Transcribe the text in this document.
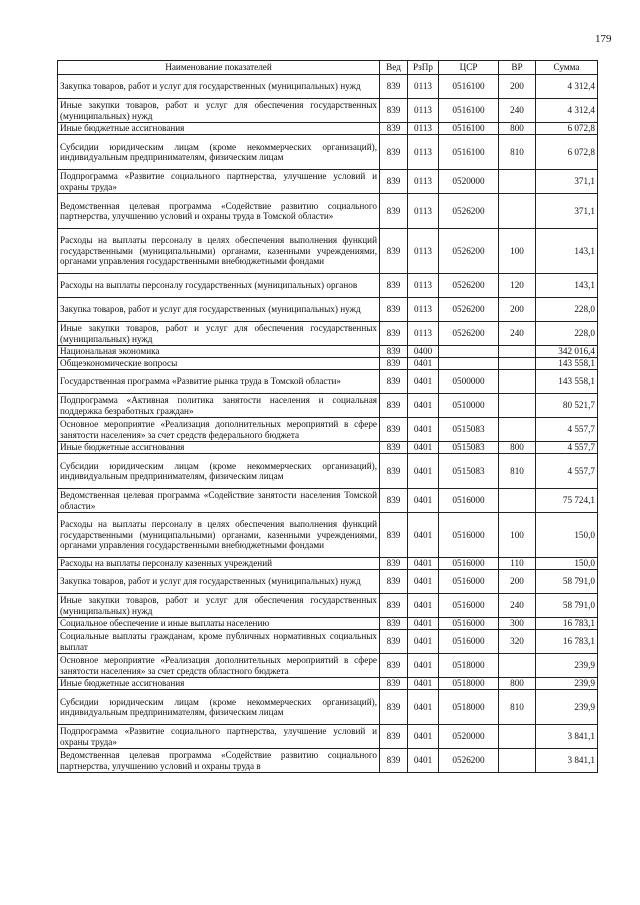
179
Наименование показателей	Вед	РзПр	ЦСР	ВР	Сумма
Закупка товаров, работ и услуг для государственных (муниципальных) нужд	839	0113	0516100	200	4 312,4
Иные закупки товаров, работ и услуг для обеспечения государственных (муниципальных) нужд	839	0113	0516100	240	4 312,4
Иные бюджетные ассигнования	839	0113	0516100	800	6 072,8
Субсидии юридическим лицам (кроме некоммерческих организаций), индивидуальным предпринимателям, физическим лицам	839	0113	0516100	810	6 072,8
Подпрограмма «Развитие социального партнерства, улучшение условий и охраны труда»	839	0113	0520000		371,1
Ведомственная целевая программа «Содействие развитию социального партнерства, улучшению условий и охраны труда в Томской области»	839	0113	0526200		371,1
Расходы на выплаты персоналу в целях обеспечения выполнения функций государственными (муниципальными) органами, казенными учреждениями, органами управления государственными внебюджетными фондами	839	0113	0526200	100	143,1
Расходы на выплаты персоналу государственных (муниципальных) органов	839	0113	0526200	120	143,1
Закупка товаров, работ и услуг для государственных (муниципальных) нужд	839	0113	0526200	200	228,0
Иные закупки товаров, работ и услуг для обеспечения государственных (муниципальных) нужд	839	0113	0526200	240	228,0
Национальная экономика	839	0400			342 016,4
Общеэкономические вопросы	839	0401			143 558,1
Государственная программа «Развитие рынка труда в Томской области»	839	0401	0500000		143 558,1
Подпрограмма «Активная политика занятости населения и социальная поддержка безработных граждан»	839	0401	0510000		80 521,7
Основное мероприятие «Реализация дополнительных мероприятий в сфере занятости населения» за счет средств федерального бюджета	839	0401	0515083		4 557,7
Иные бюджетные ассигнования	839	0401	0515083	800	4 557,7
Субсидии юридическим лицам (кроме некоммерческих организаций), индивидуальным предпринимателям, физическим лицам	839	0401	0515083	810	4 557,7
Ведомственная целевая программа «Содействие занятости населения Томской области»	839	0401	0516000		75 724,1
Расходы на выплаты персоналу в целях обеспечения выполнения функций государственными (муниципальными) органами, казенными учреждениями, органами управления государственными внебюджетными фондами	839	0401	0516000	100	150,0
Расходы на выплаты персоналу казенных учреждений	839	0401	0516000	110	150,0
Закупка товаров, работ и услуг для государственных (муниципальных) нужд	839	0401	0516000	200	58 791,0
Иные закупки товаров, работ и услуг для обеспечения государственных (муниципальных) нужд	839	0401	0516000	240	58 791,0
Социальное обеспечение и иные выплаты населению	839	0401	0516000	300	16 783,1
Социальные выплаты гражданам, кроме публичных нормативных социальных выплат	839	0401	0516000	320	16 783,1
Основное мероприятие «Реализация дополнительных мероприятий в сфере занятости населения» за счет средств областного бюджета	839	0401	0518000		239,9
Иные бюджетные ассигнования	839	0401	0518000	800	239,9
Субсидии юридическим лицам (кроме некоммерческих организаций), индивидуальным предпринимателям, физическим лицам	839	0401	0518000	810	239,9
Подпрограмма «Развитие социального партнерства, улучшение условий и охраны труда»	839	0401	0520000		3 841,1
Ведомственная целевая программа «Содействие развитию социального партнерства, улучшению условий и охраны труда в	839	0401	0526200		3 841,1
